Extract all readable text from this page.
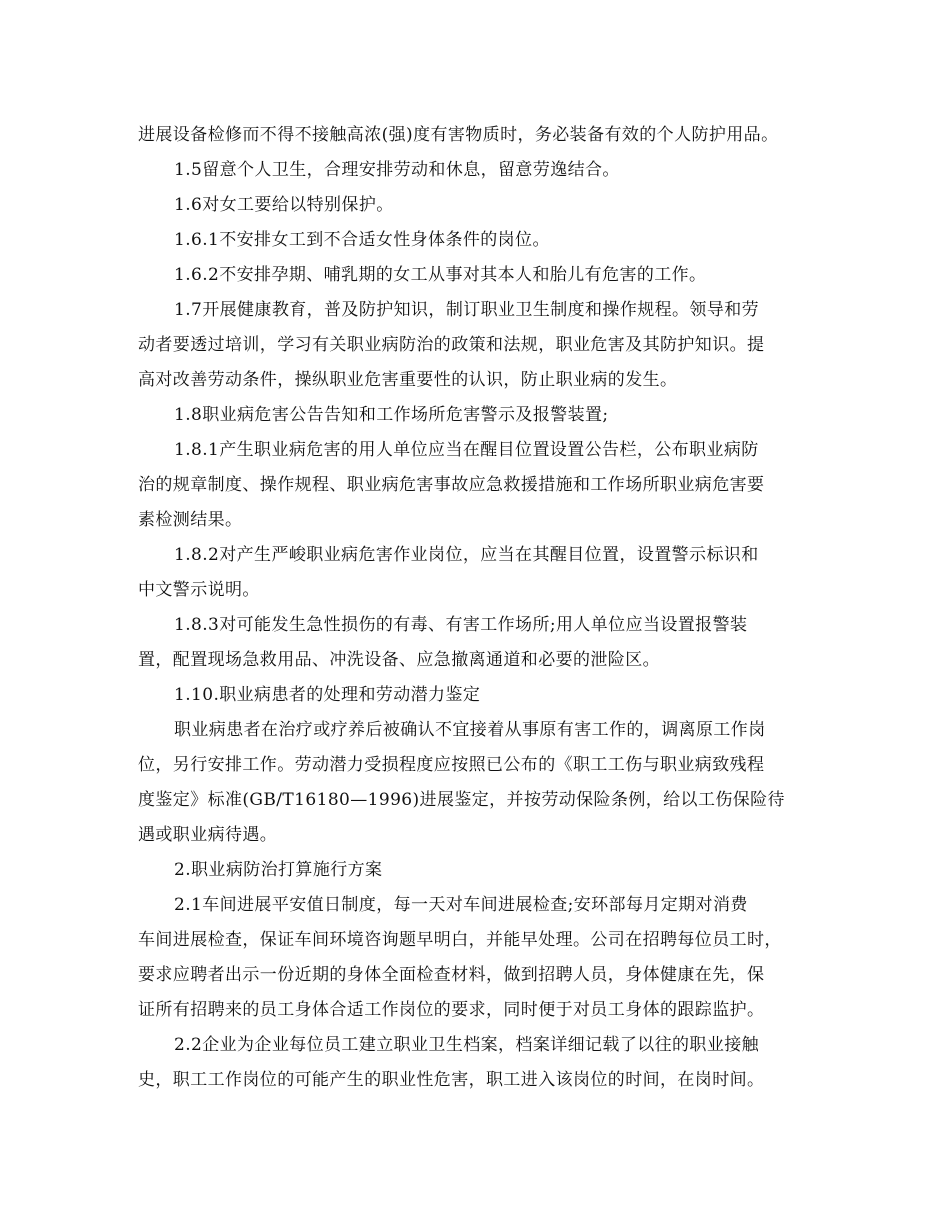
进展设备检修而不得不接触高浓(强)度有害物质时，务必装备有效的个人防护用品。
1.5留意个人卫生，合理安排劳动和休息，留意劳逸结合。
1.6对女工要给以特别保护。
1.6.1不安排女工到不合适女性身体条件的岗位。
1.6.2不安排孕期、哺乳期的女工从事对其本人和胎儿有危害的工作。
1.7开展健康教育，普及防护知识，制订职业卫生制度和操作规程。领导和劳
动者要透过培训，学习有关职业病防治的政策和法规，职业危害及其防护知识。提
高对改善劳动条件，操纵职业危害重要性的认识，防止职业病的发生。
1.8职业病危害公告告知和工作场所危害警示及报警装置;
1.8.1产生职业病危害的用人单位应当在醒目位置设置公告栏，公布职业病防
治的规章制度、操作规程、职业病危害事故应急救援措施和工作场所职业病危害要
素检测结果。
1.8.2对产生严峻职业病危害作业岗位，应当在其醒目位置，设置警示标识和
中文警示说明。
1.8.3对可能发生急性损伤的有毒、有害工作场所;用人单位应当设置报警装
置，配置现场急救用品、冲洗设备、应急撤离通道和必要的泄险区。
1.10.职业病患者的处理和劳动潜力鉴定
职业病患者在治疗或疗养后被确认不宜接着从事原有害工作的，调离原工作岗
位，另行安排工作。劳动潜力受损程度应按照已公布的《职工工伤与职业病致残程
度鉴定》标准(GB/T16180—1996)进展鉴定，并按劳动保险条例，给以工伤保险待
遇或职业病待遇。
2.职业病防治打算施行方案
2.1车间进展平安值日制度，每一天对车间进展检查;安环部每月定期对消费
车间进展检查，保证车间环境咨询题早明白，并能早处理。公司在招聘每位员工时，
要求应聘者出示一份近期的身体全面检查材料，做到招聘人员，身体健康在先，保
证所有招聘来的员工身体合适工作岗位的要求，同时便于对员工身体的跟踪监护。
2.2企业为企业每位员工建立职业卫生档案，档案详细记载了以往的职业接触
史，职工工作岗位的可能产生的职业性危害，职工进入该岗位的时间，在岗时间。
